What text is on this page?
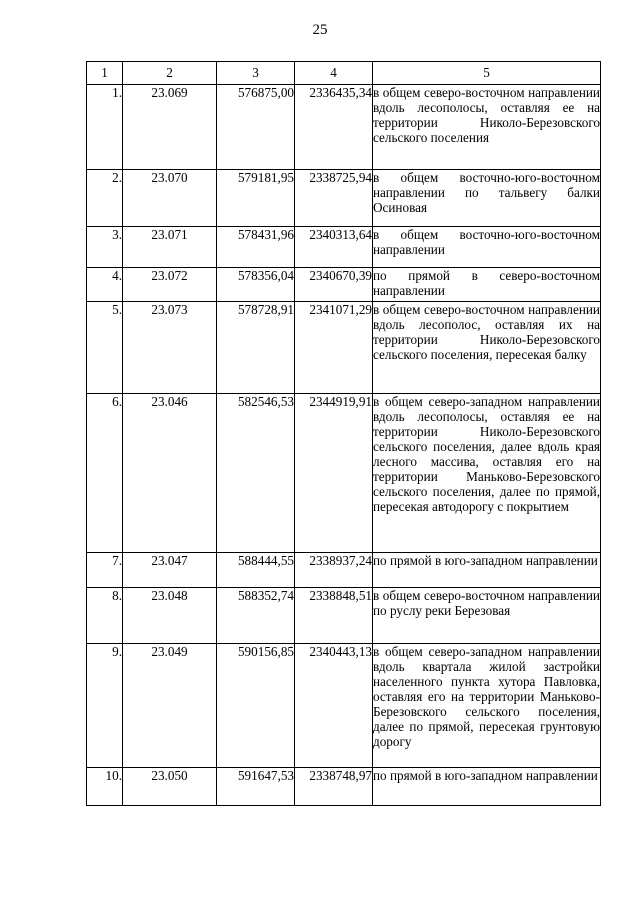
25
1	2	3	4	5
1.	23.069	576875,00	2336435,34	в общем северо-восточном направлении вдоль лесополосы, оставляя ее на территории Николо-Березовского сельского поселения
2.	23.070	579181,95	2338725,94	в общем восточно-юго-восточном направлении по тальвегу балки Осиновая
3.	23.071	578431,96	2340313,64	в общем восточно-юго-восточном направлении
4.	23.072	578356,04	2340670,39	по прямой в северо-восточном направлении
5.	23.073	578728,91	2341071,29	в общем северо-восточном направлении вдоль лесополос, оставляя их на территории Николо-Березовского сельского поселения, пересекая балку
6.	23.046	582546,53	2344919,91	в общем северо-западном направлении вдоль лесополосы, оставляя ее на территории Николо-Березовского сельского поселения, далее вдоль края лесного массива, оставляя его на территории Маньково-Березовского сельского поселения, далее по прямой, пересекая автодорогу с покрытием
7.	23.047	588444,55	2338937,24	по прямой в юго-западном направлении
8.	23.048	588352,74	2338848,51	в общем северо-восточном направлении по руслу реки Березовая
9.	23.049	590156,85	2340443,13	в общем северо-западном направлении вдоль квартала жилой застройки населенного пункта хутора Павловка, оставляя его на территории Маньково-Березовского сельского поселения, далее по прямой, пересекая грунтовую дорогу
10.	23.050	591647,53	2338748,97	по прямой в юго-западном направлении
